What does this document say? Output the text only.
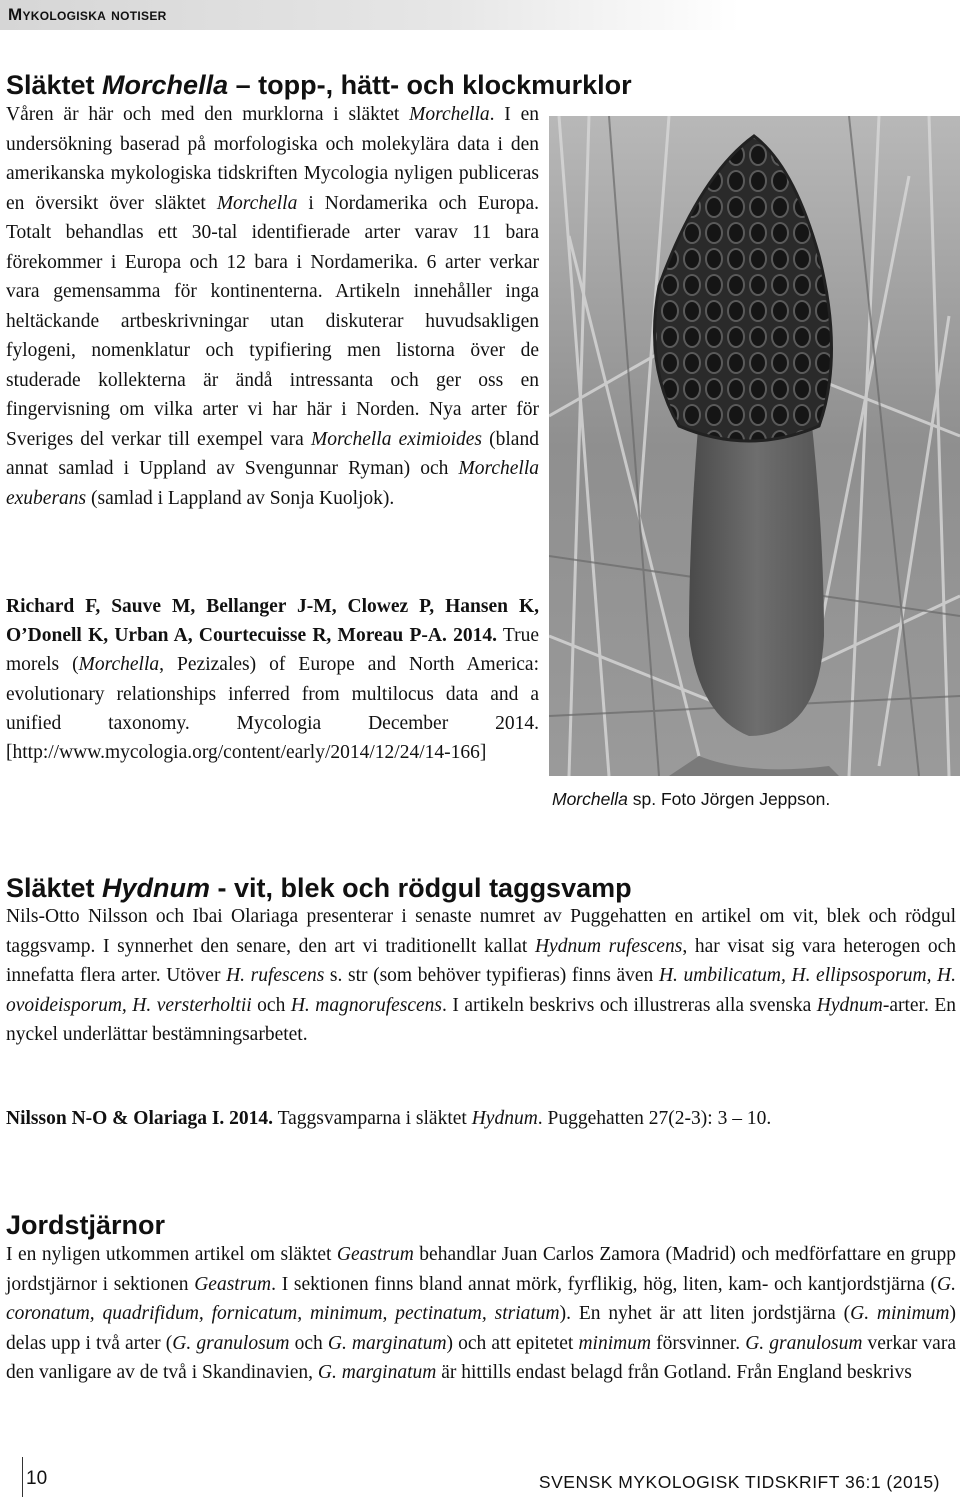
Mykologiska notiser
Släktet Morchella – topp-, hätt- och klockmurklor
Våren är här och med den murklorna i släktet Morchella. I en undersökning baserad på morfologiska och molekylära data i den amerikanska mykologiska tidskriften Mycologia nyligen publiceras en översikt över släktet Morchella i Nordamerika och Europa. Totalt behandlas ett 30-tal identifierade arter varav 11 bara förekommer i Europa och 12 bara i Nordamerika. 6 arter verkar vara gemensamma för kontinenterna. Artikeln innehåller inga heltäckande artbeskrivningar utan diskuterar huvudsakligen fylogeni, nomenklatur och typifiering men listorna över de studerade kollekterna är ändå intressanta och ger oss en fingervisning om vilka arter vi har här i Norden. Nya arter för Sveriges del verkar till exempel vara Morchella eximioides (bland annat samlad i Uppland av Svengunnar Ryman) och Morchella exuberans (samlad i Lappland av Sonja Kuoljok).
Richard F, Sauve M, Bellanger J-M, Clowez P, Hansen K, O’Donell K, Urban A, Courtecuisse R, Moreau P-A. 2014. True morels (Morchella, Pezizales) of Europe and North America: evolutionary relationships inferred from multilocus data and a unified taxonomy. Mycologia December 2014. [http://www.mycologia.org/content/early/2014/12/24/14-166]
Morchella sp. Foto Jörgen Jeppson.
Släktet Hydnum - vit, blek och rödgul taggsvamp
Nils-Otto Nilsson och Ibai Olariaga presenterar i senaste numret av Puggehatten en artikel om vit, blek och rödgul taggsvamp. I synnerhet den senare, den art vi traditionellt kallat Hydnum rufescens, har visat sig vara heterogen och innefatta flera arter. Utöver H. rufescens s. str (som behöver typifieras) finns även H. umbilicatum, H. ellipsosporum, H. ovoideisporum, H. versterholtii och H. magnorufescens. I artikeln beskrivs och illustreras alla svenska Hydnum-arter. En nyckel underlättar bestämningsarbetet.
Nilsson N-O & Olariaga I. 2014. Taggsvamparna i släktet Hydnum. Puggehatten 27(2-3): 3 – 10.
Jordstjärnor
I en nyligen utkommen artikel om släktet Geastrum behandlar Juan Carlos Zamora (Madrid) och medförfattare en grupp jordstjärnor i sektionen Geastrum. I sektionen finns bland annat mörk, fyrflikig, hög, liten, kam- och kantjordstjärna (G. coronatum, quadrifidum, fornicatum, minimum, pectinatum, striatum). En nyhet är att liten jordstjärna (G. minimum) delas upp i två arter (G. granulosum och G. marginatum) och att epitetet minimum försvinner. G. granulosum verkar vara den vanligare av de två i Skandinavien, G. marginatum är hittills endast belagd från Gotland. Från England beskrivs
10	SVENSK MYKOLOGISK TIDSKRIFT 36:1 (2015)
